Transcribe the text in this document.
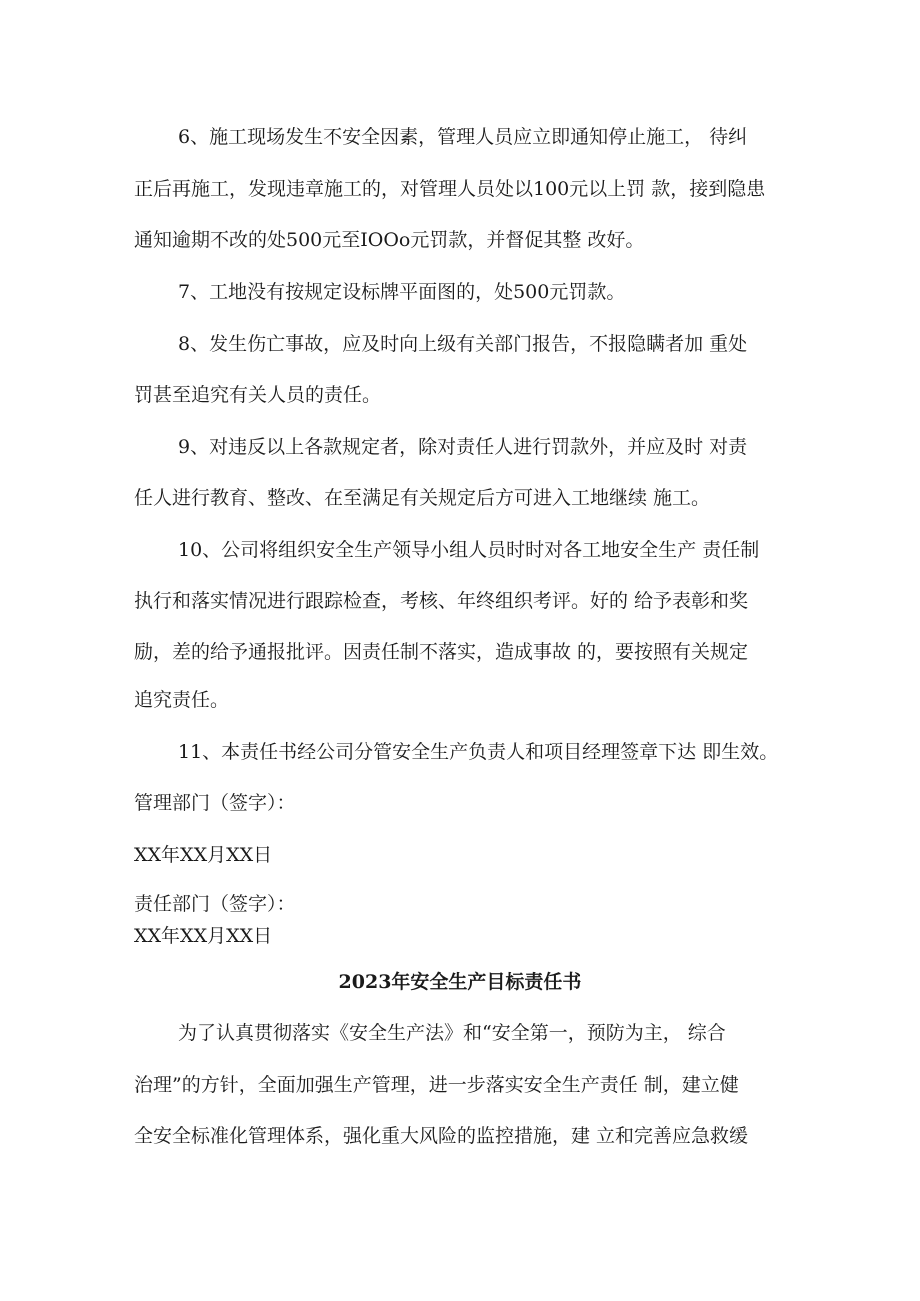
6、施工现场发生不安全因素，管理人员应立即通知停止施工， 待纠
正后再施工，发现违章施工的，对管理人员处以100元以上罚 款，接到隐患
通知逾期不改的处500元至IOOo元罚款，并督促其整 改好。
7、工地没有按规定设标牌平面图的，处500元罚款。
8、发生伤亡事故，应及时向上级有关部门报告，不报隐瞒者加 重处
罚甚至追究有关人员的责任。
9、对违反以上各款规定者，除对责任人进行罚款外，并应及时 对责
任人进行教育、整改、在至满足有关规定后方可进入工地继续 施工。
10、公司将组织安全生产领导小组人员时时对各工地安全生产 责任制
执行和落实情况进行跟踪检查，考核、年终组织考评。好的 给予表彰和奖
励，差的给予通报批评。因责任制不落实，造成事故 的，要按照有关规定
追究责任。
11、本责任书经公司分管安全生产负责人和项目经理签章下达 即生效。
管理部门（签字）：
XX年XX月XX日
责任部门（签字）：
XX年XX月XX日
2023年安全生产目标责任书
为了认真贯彻落实《安全生产法》和“安全第一，预防为主， 综合
治理”的方针，全面加强生产管理，进一步落实安全生产责任 制，建立健
全安全标准化管理体系，强化重大风险的监控措施，建 立和完善应急救缓
